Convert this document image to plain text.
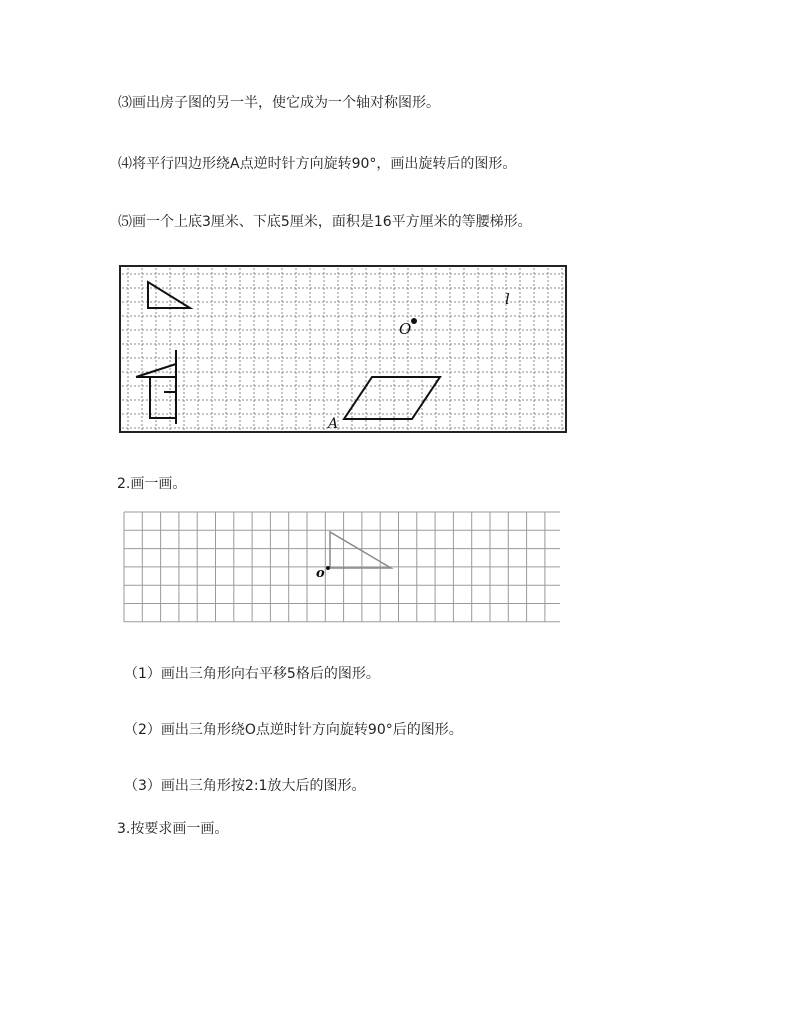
⑶画出房子图的另一半，使它成为一个轴对称图形。
⑷将平行四边形绕A点逆时针方向旋转90°，画出旋转后的图形。
⑸画一个上底3厘米、下底5厘米，面积是16平方厘米的等腰梯形。
O
l
A
2.画一画。
o
（1）画出三角形向右平移5格后的图形。
（2）画出三角形绕O点逆时针方向旋转90°后的图形。
（3）画出三角形按2:1放大后的图形。
3.按要求画一画。
